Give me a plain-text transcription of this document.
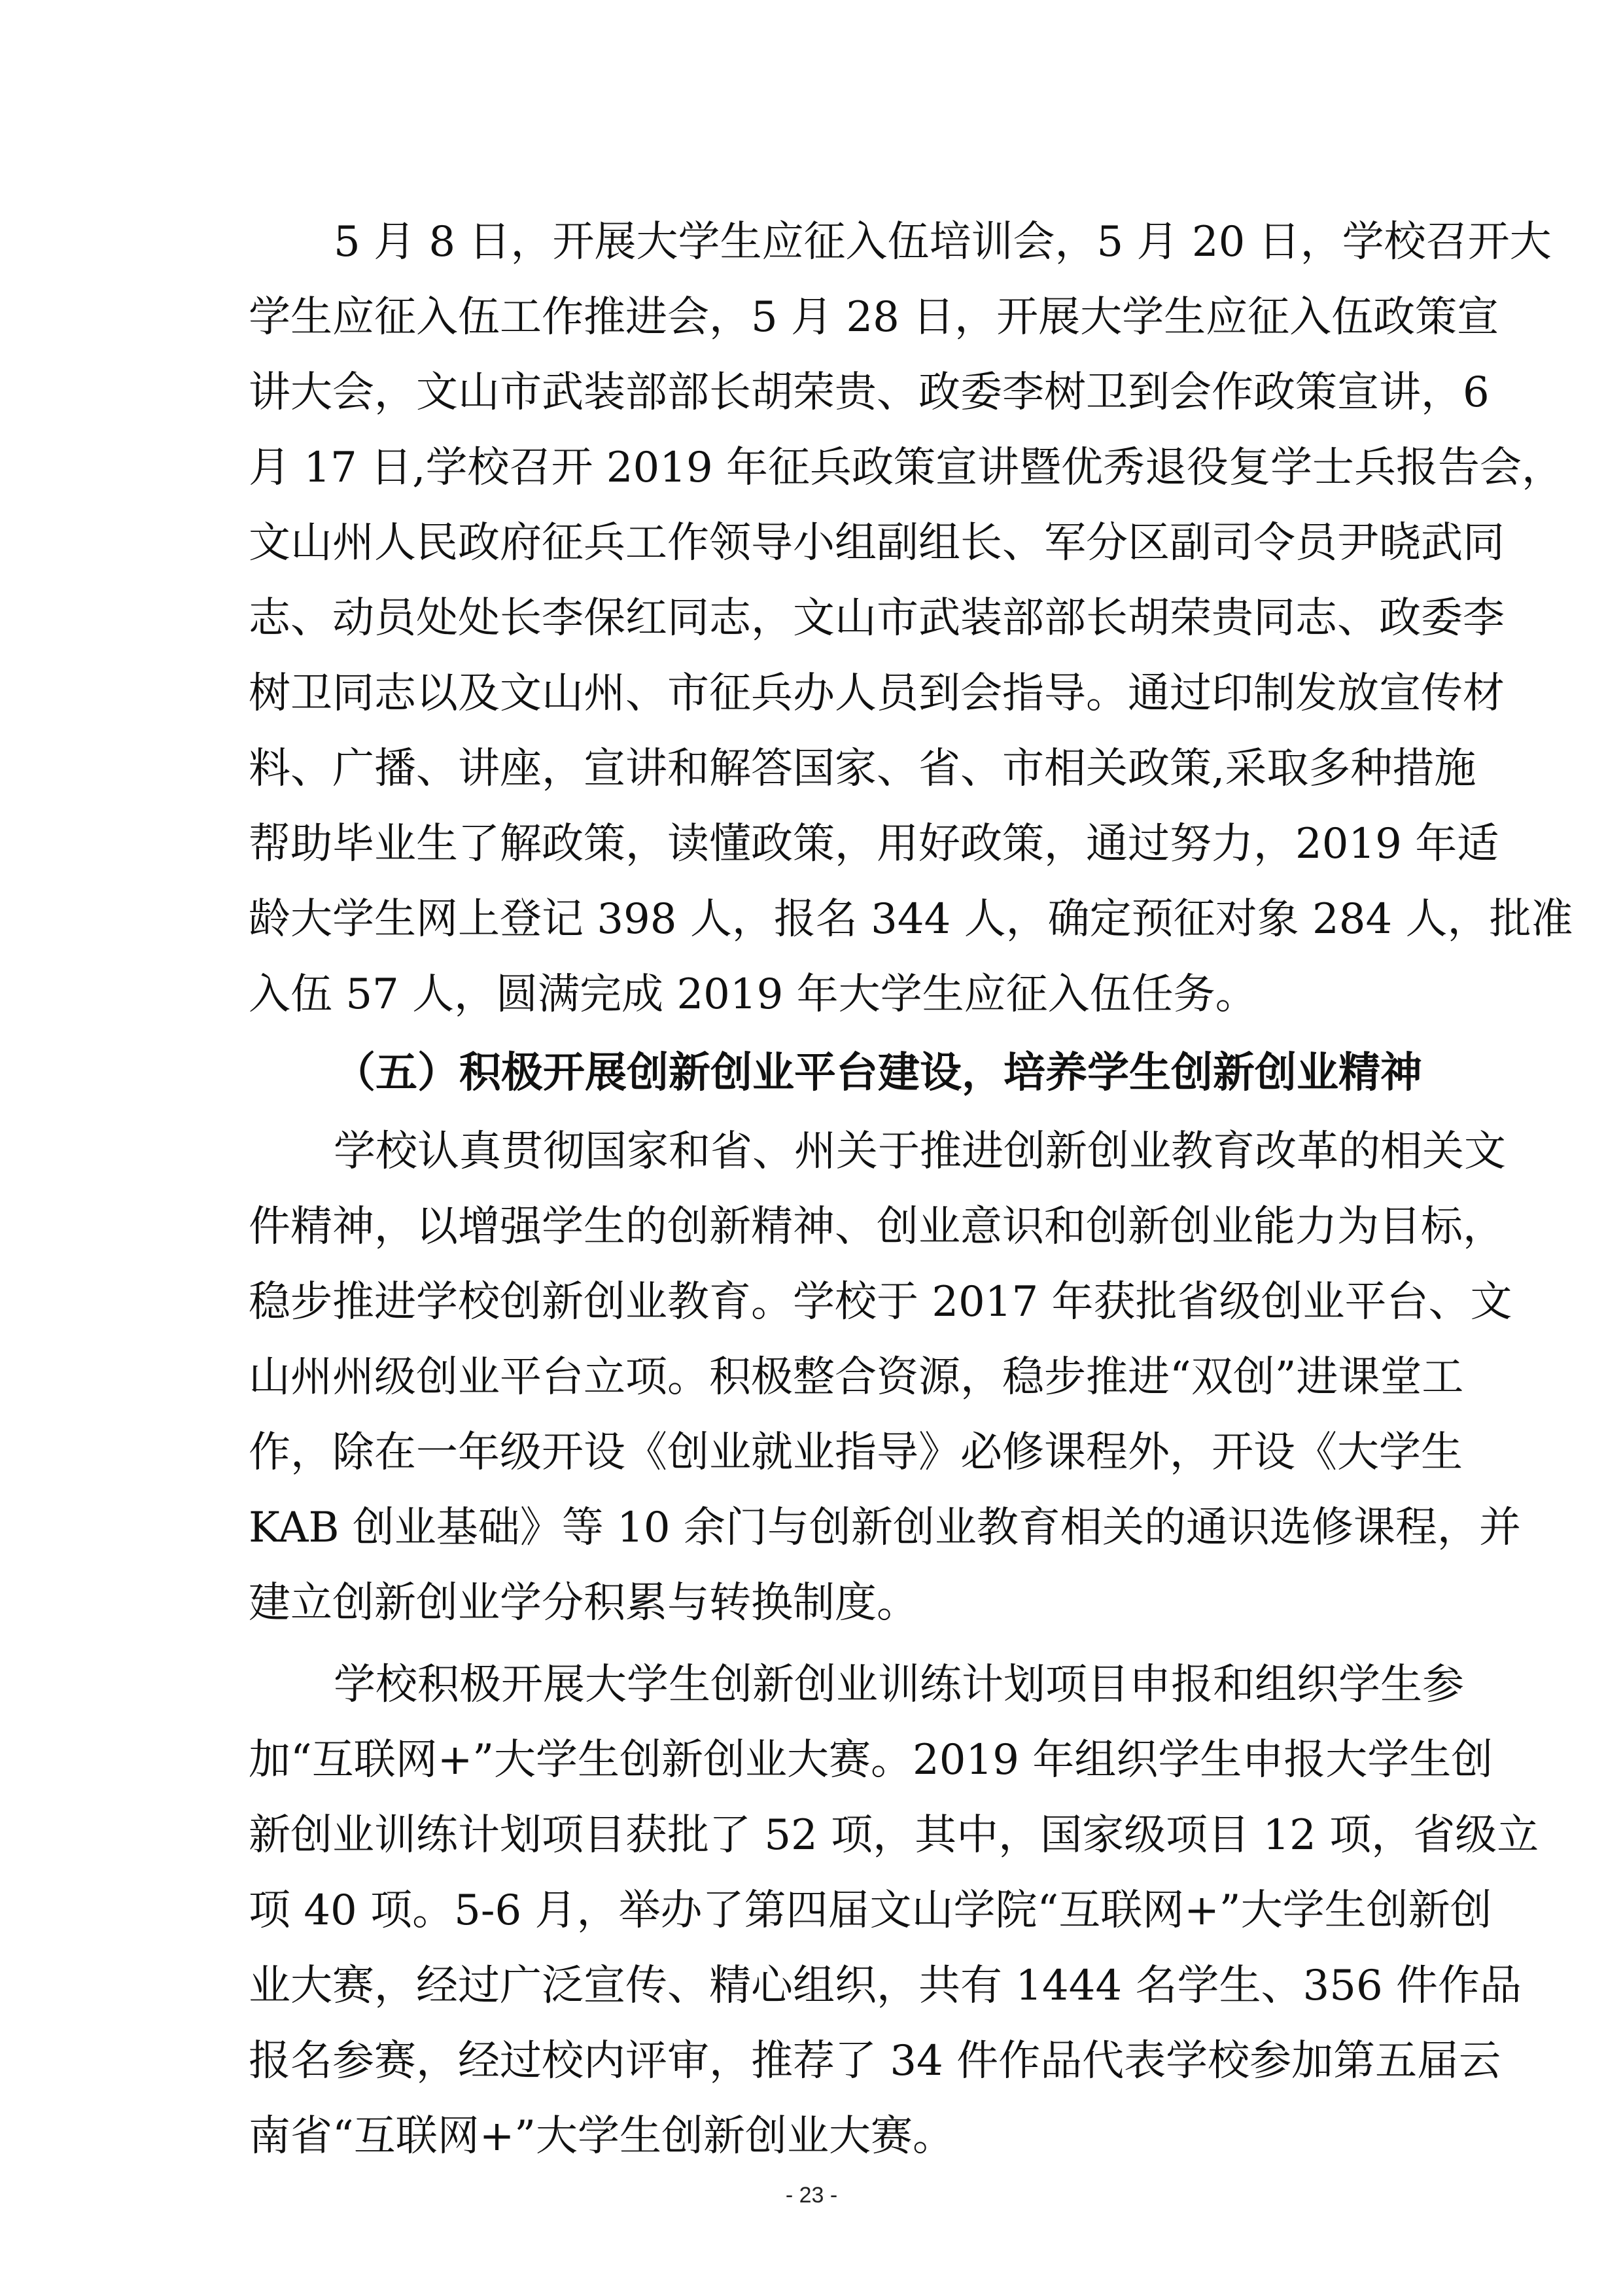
5 月 8 日，开展大学生应征入伍培训会，5 月 20 日，学校召开大

学生应征入伍工作推进会，5 月 28 日，开展大学生应征入伍政策宣

讲大会，文山市武装部部长胡荣贵、政委李树卫到会作政策宣讲，6

月 17 日,学校召开 2019 年征兵政策宣讲暨优秀退役复学士兵报告会，

文山州人民政府征兵工作领导小组副组长、军分区副司令员尹晓武同

志、动员处处长李保红同志，文山市武装部部长胡荣贵同志、政委李

树卫同志以及文山州、市征兵办人员到会指导。通过印制发放宣传材

料、广播、讲座，宣讲和解答国家、省、市相关政策,采取多种措施

帮助毕业生了解政策，读懂政策，用好政策，通过努力，2019 年适

龄大学生网上登记 398 人，报名 344 人，确定预征对象 284 人，批准

入伍 57 人，圆满完成 2019 年大学生应征入伍任务。

（五）积极开展创新创业平台建设，培养学生创新创业精神

学校认真贯彻国家和省、州关于推进创新创业教育改革的相关文

件精神，以增强学生的创新精神、创业意识和创新创业能力为目标，

稳步推进学校创新创业教育。学校于 2017 年获批省级创业平台、文

山州州级创业平台立项。积极整合资源，稳步推进“双创”进课堂工

作，除在一年级开设《创业就业指导》必修课程外，开设《大学生

KAB 创业基础》等 10 余门与创新创业教育相关的通识选修课程，并

建立创新创业学分积累与转换制度。

学校积极开展大学生创新创业训练计划项目申报和组织学生参

加“互联网+”大学生创新创业大赛。2019 年组织学生申报大学生创

新创业训练计划项目获批了 52 项，其中，国家级项目 12 项，省级立

项 40 项。5-6 月，举办了第四届文山学院“互联网+”大学生创新创

业大赛，经过广泛宣传、精心组织，共有 1444 名学生、356 件作品

报名参赛，经过校内评审，推荐了 34 件作品代表学校参加第五届云

南省“互联网+”大学生创新创业大赛。

- 23 -
